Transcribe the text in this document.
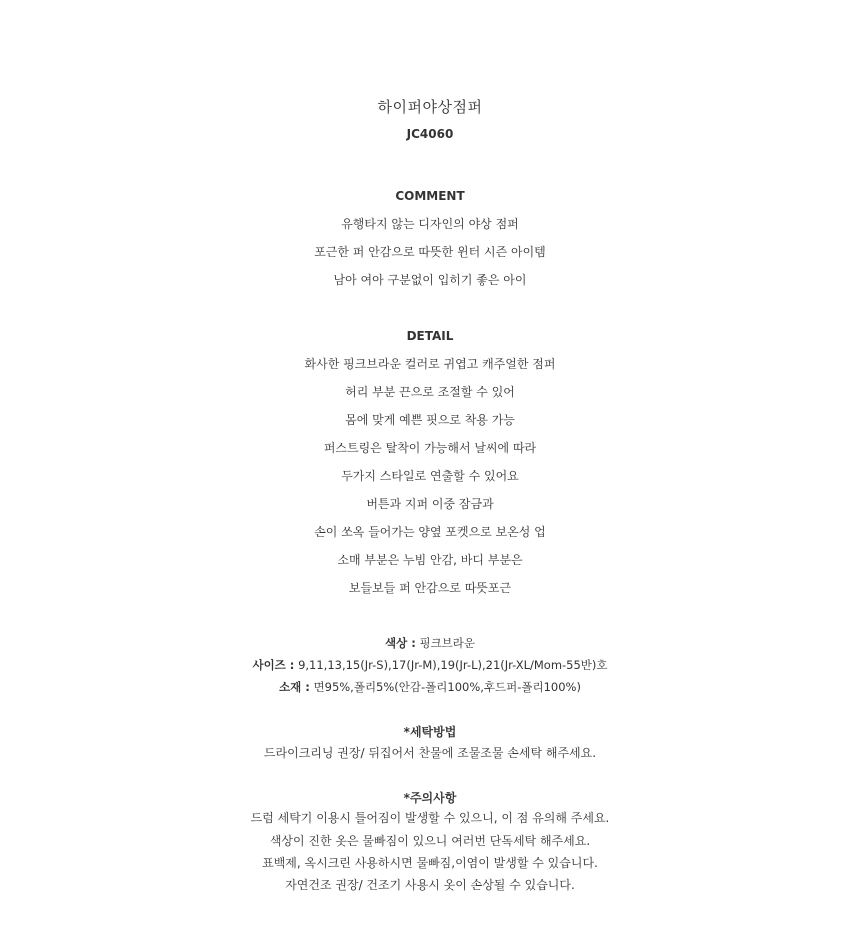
하이퍼야상점퍼
JC4060
COMMENT
유행타지 않는 디자인의 야상 점퍼
포근한 퍼 안감으로 따뜻한 윈터 시즌 아이템
남아 여아 구분없이 입히기 좋은 아이
DETAIL
화사한 핑크브라운 컬러로 귀엽고 캐주얼한 점퍼
허리 부분 끈으로 조절할 수 있어
몸에 맞게 예쁜 핏으로 착용 가능
퍼스트링은 탈착이 가능해서 날씨에 따라
두가지 스타일로 연출할 수 있어요
버튼과 지퍼 이중 잠금과
손이 쏘옥 들어가는 양옆 포켓으로 보온성 업
소매 부분은 누빔 안감, 바디 부분은
보들보들 퍼 안감으로 따뜻포근
색상 : 핑크브라운
사이즈 : 9,11,13,15(Jr-S),17(Jr-M),19(Jr-L),21(Jr-XL/Mom-55반)호
소재 : 면95%,폴리5%(안감-폴리100%,후드퍼-폴리100%)
*세탁방법
드라이크리닝 권장/ 뒤집어서 찬물에 조물조물 손세탁 해주세요.
*주의사항
드럼 세탁기 이용시 틀어짐이 발생할 수 있으니, 이 점 유의해 주세요.
색상이 진한 옷은 물빠짐이 있으니 여러번 단독세탁 해주세요.
표백제, 옥시크린 사용하시면 물빠짐,이염이 발생할 수 있습니다.
자연건조 권장/ 건조기 사용시 옷이 손상될 수 있습니다.
